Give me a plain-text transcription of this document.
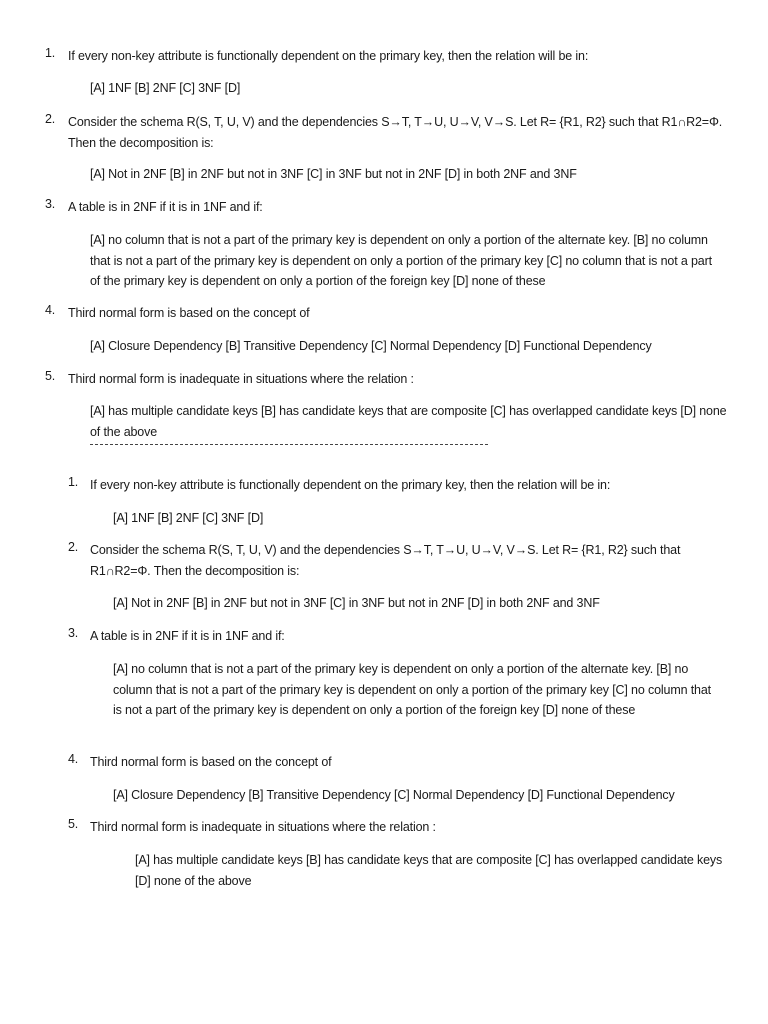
1. If every non-key attribute is functionally dependent on the primary key, then the relation will be in:
[A] 1NF [B] 2NF [C] 3NF [D]
2. Consider the schema R(S, T, U, V) and the dependencies S→T, T→U, U→V, V→S. Let R= {R1, R2} such that R1∩R2=Φ. Then the decomposition is:
[A] Not in 2NF [B] in 2NF but not in 3NF [C] in 3NF but not in 2NF [D] in both 2NF and 3NF
3. A table is in 2NF if it is in 1NF and if:
[A] no column that is not a part of the primary key is dependent on only a portion of the alternate key. [B] no column that is not a part of the primary key is dependent on only a portion of the primary key [C] no column that is not a part of the primary key is dependent on only a portion of the foreign key [D] none of these
4. Third normal form is based on the concept of
[A] Closure Dependency [B] Transitive Dependency [C] Normal Dependency [D] Functional Dependency
5. Third normal form is inadequate in situations where the relation :
[A] has multiple candidate keys [B] has candidate keys that are composite [C] has overlapped candidate keys [D] none of the above
1. If every non-key attribute is functionally dependent on the primary key, then the relation will be in:
[A] 1NF [B] 2NF [C] 3NF [D]
2. Consider the schema R(S, T, U, V) and the dependencies S→T, T→U, U→V, V→S. Let R= {R1, R2} such that R1∩R2=Φ. Then the decomposition is:
[A] Not in 2NF [B] in 2NF but not in 3NF [C] in 3NF but not in 2NF [D] in both 2NF and 3NF
3. A table is in 2NF if it is in 1NF and if:
[A] no column that is not a part of the primary key is dependent on only a portion of the alternate key. [B] no column that is not a part of the primary key is dependent on only a portion of the primary key [C] no column that is not a part of the primary key is dependent on only a portion of the foreign key [D] none of these
4. Third normal form is based on the concept of
[A] Closure Dependency [B] Transitive Dependency [C] Normal Dependency [D] Functional Dependency
5. Third normal form is inadequate in situations where the relation :
[A] has multiple candidate keys [B] has candidate keys that are composite [C] has overlapped candidate keys [D] none of the above
